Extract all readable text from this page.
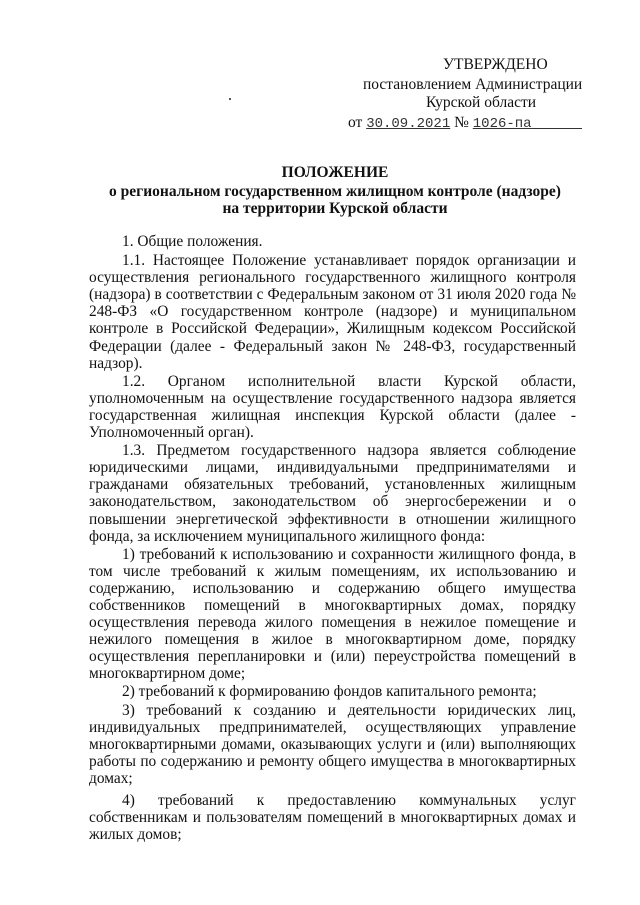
УТВЕРЖДЕНО
постановлением Администрации
Курской области
от 30.09.2021 № 1026-па
ПОЛОЖЕНИЕ
о региональном государственном жилищном контроле (надзоре)
на территории Курской области

1. Общие положения.

1.1. Настоящее Положение устанавливает порядок организации и осуществления регионального государственного жилищного контроля (надзора) в соответствии с Федеральным законом от 31 июля 2020 года № 248-ФЗ «О государственном контроле (надзоре) и муниципальном контроле в Российской Федерации», Жилищным кодексом Российской Федерации (далее - Федеральный закон № 248-ФЗ, государственный надзор).

1.2. Органом исполнительной власти Курской области, уполномоченным на осуществление государственного надзора является государственная жилищная инспекция Курской области (далее - Уполномоченный орган).

1.3. Предметом государственного надзора является соблюдение юридическими лицами, индивидуальными предпринимателями и гражданами обязательных требований, установленных жилищным законодательством, законодательством об энергосбережении и о повышении энергетической эффективности в отношении жилищного фонда, за исключением муниципального жилищного фонда:

1) требований к использованию и сохранности жилищного фонда, в том числе требований к жилым помещениям, их использованию и содержанию, использованию и содержанию общего имущества собственников помещений в многоквартирных домах, порядку осуществления перевода жилого помещения в нежилое помещение и нежилого помещения в жилое в многоквартирном доме, порядку осуществления перепланировки и (или) переустройства помещений в многоквартирном доме;

2) требований к формированию фондов капитального ремонта;

3) требований к созданию и деятельности юридических лиц, индивидуальных предпринимателей, осуществляющих управление многоквартирными домами, оказывающих услуги и (или) выполняющих работы по содержанию и ремонту общего имущества в многоквартирных домах;

4) требований к предоставлению коммунальных услуг собственникам и пользователям помещений в многоквартирных домах и жилых домов;
